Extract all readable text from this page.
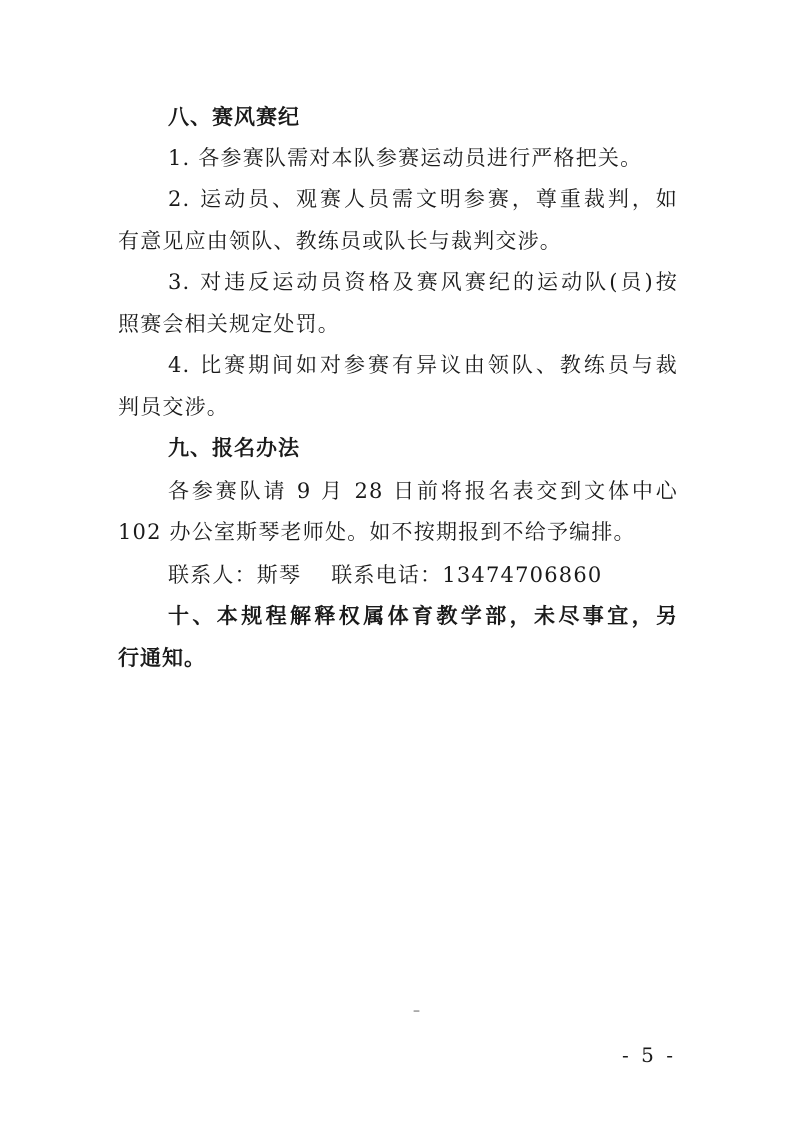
八、赛风赛纪
1. 各参赛队需对本队参赛运动员进行严格把关。
2. 运动员、观赛人员需文明参赛，尊重裁判，如
有意见应由领队、教练员或队长与裁判交涉。
3. 对违反运动员资格及赛风赛纪的运动队(员)按
照赛会相关规定处罚。
4. 比赛期间如对参赛有异议由领队、教练员与裁
判员交涉。
九、报名办法
各参赛队请 9 月 28 日前将报名表交到文体中心
102 办公室斯琴老师处。如不按期报到不给予编排。
联系人：斯琴　 联系电话：13474706860
十、本规程解释权属体育教学部，未尽事宜，另
行通知。
–
- 5 -
